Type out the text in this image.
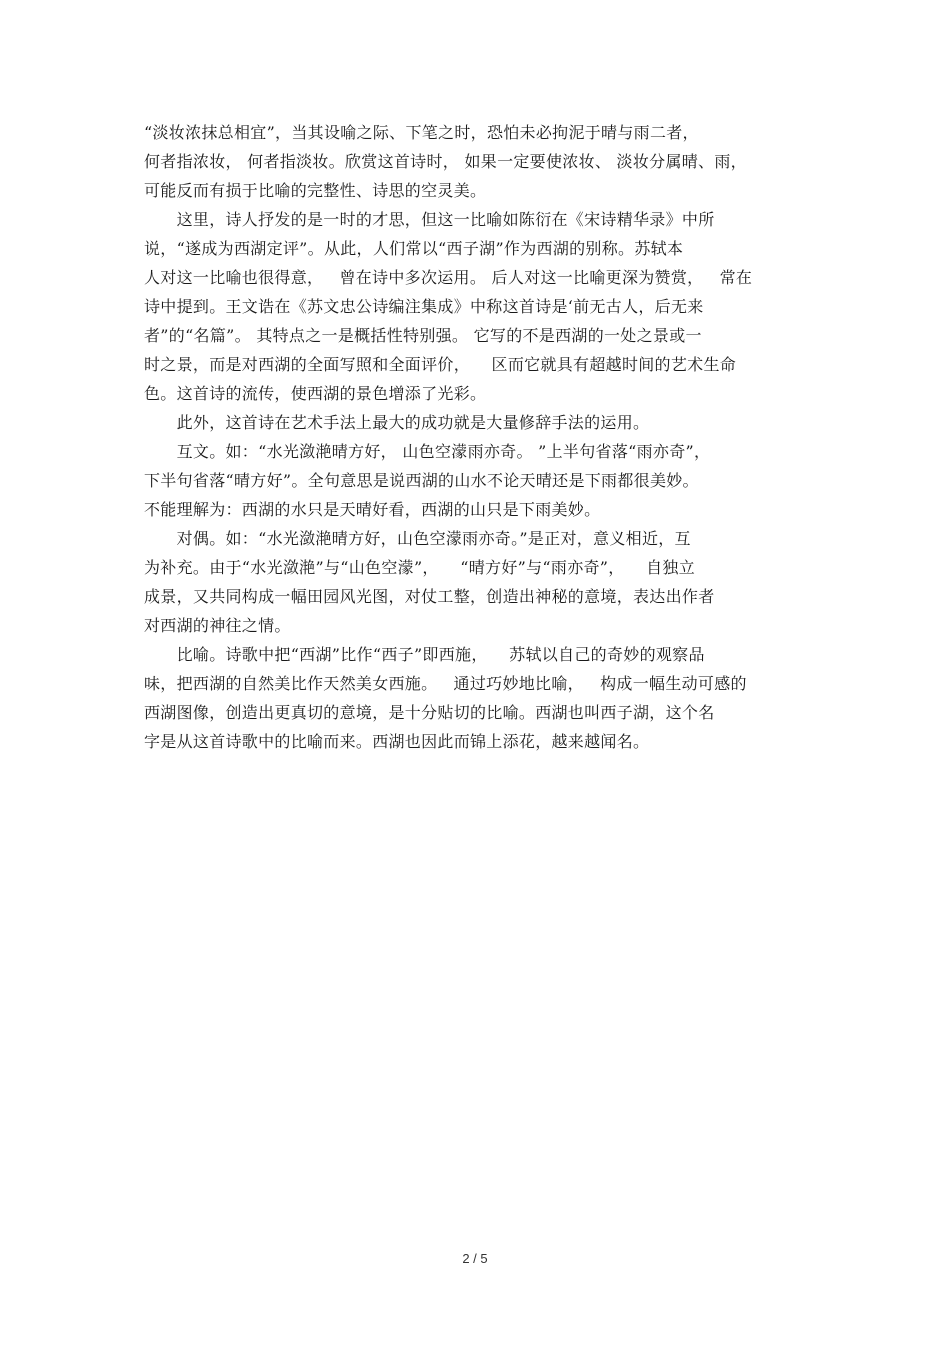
“淡妆浓抹总相宜”，当其设喻之际、下笔之时，恐怕未必拘泥于晴与雨二者，
何者指浓妆， 何者指淡妆。欣赏这首诗时， 如果一定要使浓妆、 淡妆分属晴、雨，
可能反而有损于比喻的完整性、诗思的空灵美。
　　这里，诗人抒发的是一时的才思，但这一比喻如陈衍在《宋诗精华录》中所
说，“遂成为西湖定评”。从此，人们常以“西子湖”作为西湖的别称。苏轼本
人对这一比喻也很得意，   曾在诗中多次运用。 后人对这一比喻更深为赞赏，   常在
诗中提到。王文诰在《苏文忠公诗编注集成》中称这首诗是‘前无古人，后无来
者”的“名篇”。 其特点之一是概括性特别强。 它写的不是西湖的一处之景或一
时之景，而是对西湖的全面写照和全面评价，    区而它就具有超越时间的艺术生命
色。这首诗的流传，使西湖的景色增添了光彩。
　　此外，这首诗在艺术手法上最大的成功就是大量修辞手法的运用。
　　互文。如：“水光潋滟晴方好， 山色空濛雨亦奇。 ”上半句省落“雨亦奇”，
下半句省落“晴方好”。全句意思是说西湖的山水不论天晴还是下雨都很美妙。
不能理解为：西湖的水只是天晴好看，西湖的山只是下雨美妙。
　　对偶。如：“水光潋滟晴方好，山色空濛雨亦奇。”是正对，意义相近，互
为补充。由于“水光潋滟”与“山色空濛”，    “晴方好”与“雨亦奇”，    自独立
成景，又共同构成一幅田园风光图，对仗工整，创造出神秘的意境，表达出作者
对西湖的神往之情。
　　比喻。诗歌中把“西湖”比作“西子”即西施，    苏轼以自己的奇妙的观察品
味，把西湖的自然美比作天然美女西施。   通过巧妙地比喻，   构成一幅生动可感的
西湖图像，创造出更真切的意境，是十分贴切的比喻。西湖也叫西子湖，这个名
字是从这首诗歌中的比喻而来。西湖也因此而锦上添花，越来越闻名。
2 / 5
